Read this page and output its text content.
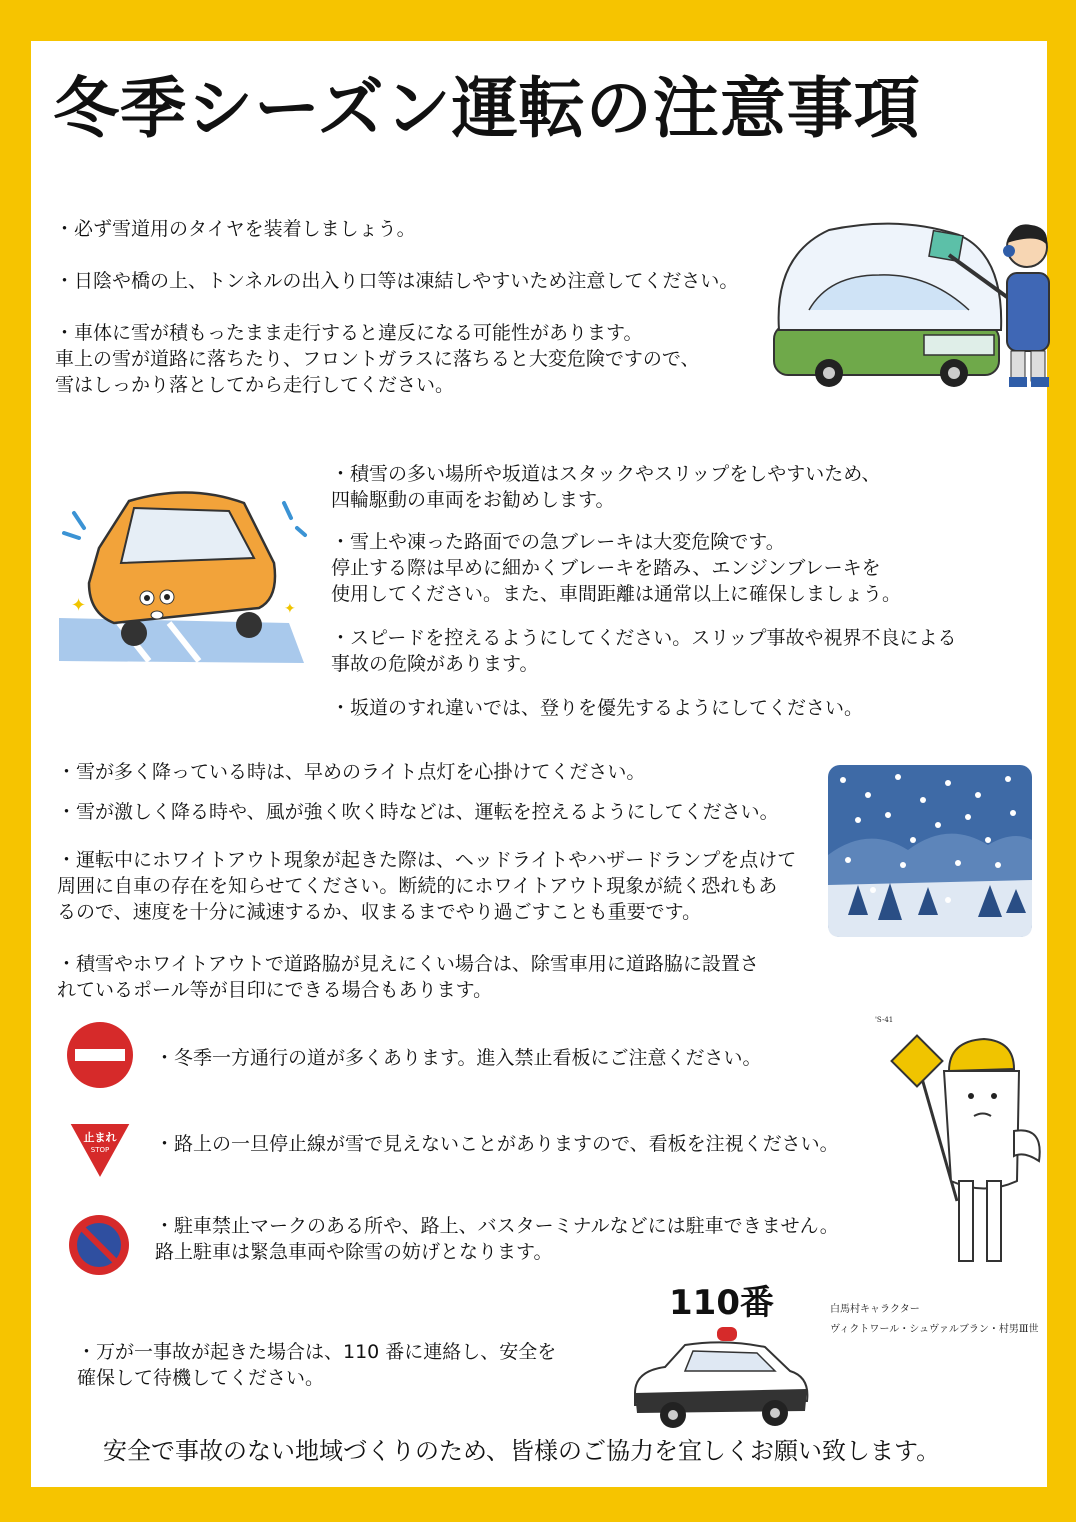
冬季シーズン運転の注意事項
・必ず雪道用のタイヤを装着しましょう。
・日陰や橋の上、トンネルの出入り口等は凍結しやすいため注意してください。
・車体に雪が積もったまま走行すると違反になる可能性があります。
車上の雪が道路に落ちたり、フロントガラスに落ちると大変危険ですので、
雪はしっかり落としてから走行してください。
✦	✦
・積雪の多い場所や坂道はスタックやスリップをしやすいため、
四輪駆動の車両をお勧めします。
・雪上や凍った路面での急ブレーキは大変危険です。
停止する際は早めに細かくブレーキを踏み、エンジンブレーキを
使用してください。また、車間距離は通常以上に確保しましょう。
・スピードを控えるようにしてください。スリップ事故や視界不良による
事故の危険があります。
・坂道のすれ違いでは、登りを優先するようにしてください。
・雪が多く降っている時は、早めのライト点灯を心掛けてください。
・雪が激しく降る時や、風が強く吹く時などは、運転を控えるようにしてください。
・運転中にホワイトアウト現象が起きた際は、ヘッドライトやハザードランプを点けて
周囲に自車の存在を知らせてください。断続的にホワイトアウト現象が続く恐れもあ
るので、速度を十分に減速するか、収まるまでやり過ごすことも重要です。
・積雪やホワイトアウトで道路脇が見えにくい場合は、除雪車用に道路脇に設置さ
れているポール等が目印にできる場合もあります。
・冬季一方通行の道が多くあります。進入禁止看板にご注意ください。
止まれ
STOP ・路上の一旦停止線が雪で見えないことがありますので、看板を注視ください。
・駐車禁止マークのある所や、路上、バスターミナルなどには駐車できません。
路上駐車は緊急車両や除雪の妨げとなります。
'S-41
白馬村キャラクター
ヴィクトワール・シュヴァルブラン・村男Ⅲ世
・万が一事故が起きた場合は、110 番に連絡し、安全を
確保して待機してください。
110番
安全で事故のない地域づくりのため、皆様のご協力を宜しくお願い致します。
